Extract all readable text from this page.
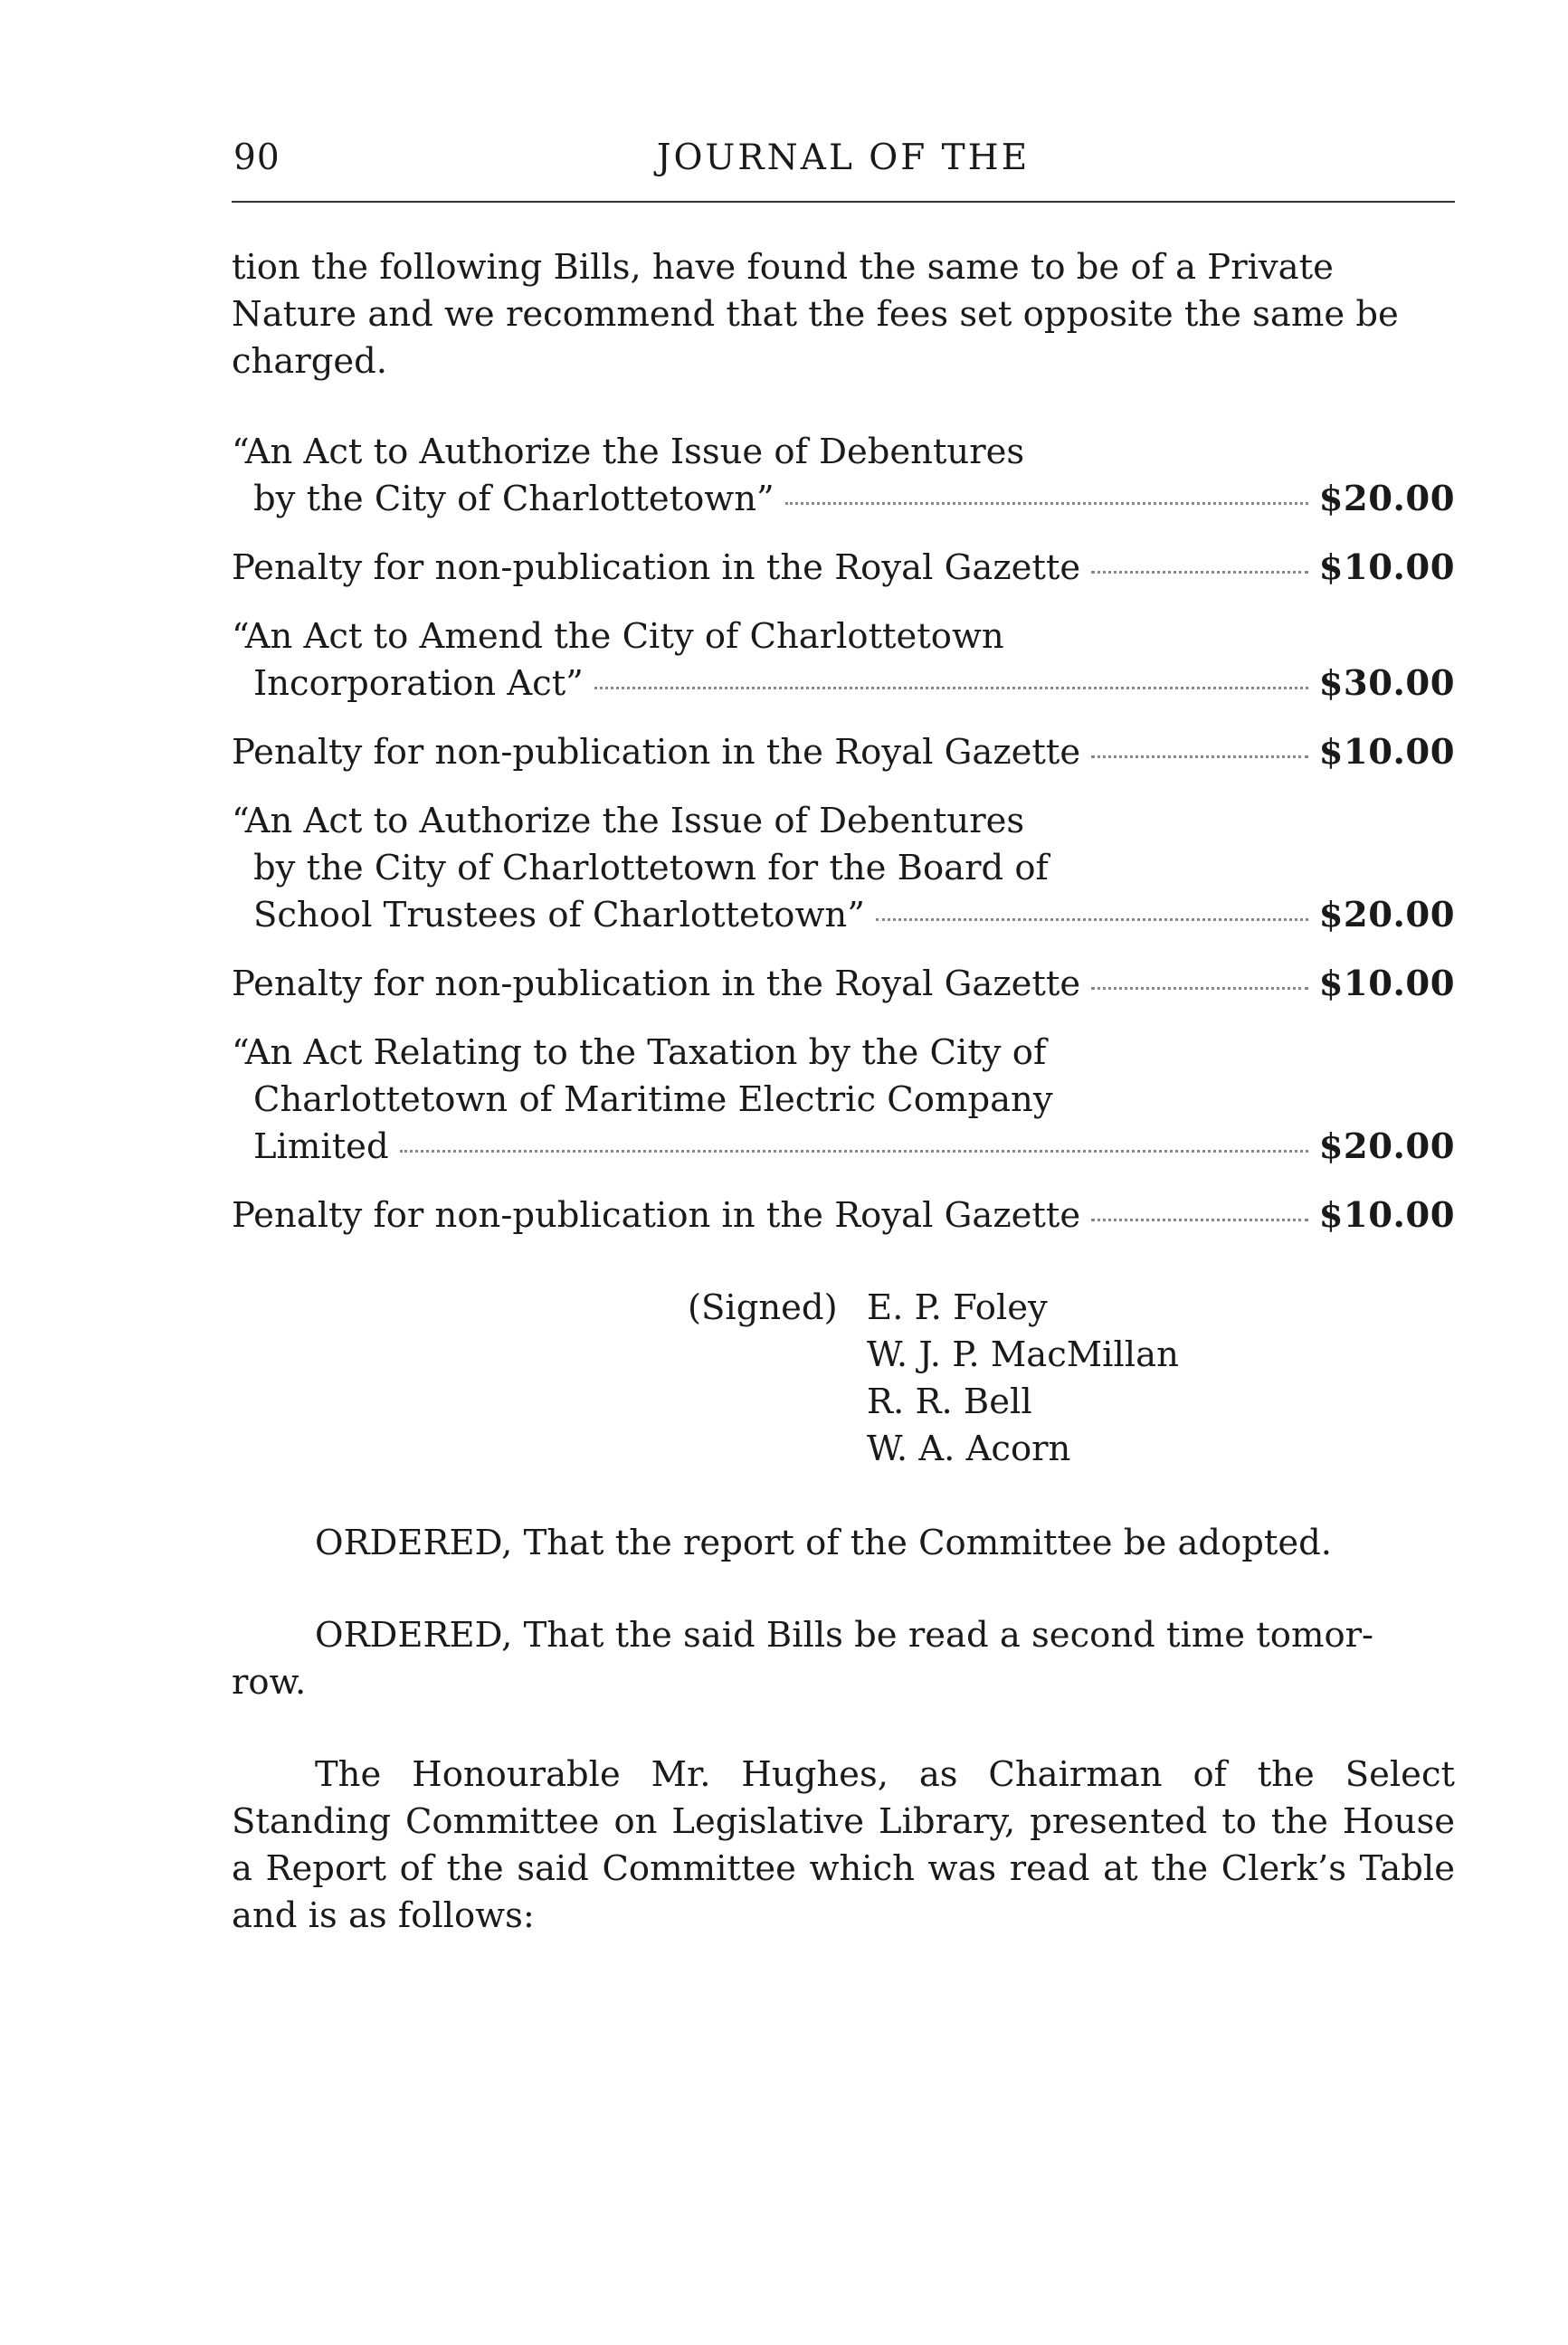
90	JOURNAL OF THE
tion the following Bills, have found the same to be of a Private
Nature and we recommend that the fees set opposite the same be
charged.
“An Act to Authorize the Issue of Debentures
by the City of Charlottetown”	$20.00
Penalty for non-publication in the Royal Gazette	$10.00
“An Act to Amend the City of Charlottetown
Incorporation Act”	$30.00
Penalty for non-publication in the Royal Gazette	$10.00
“An Act to Authorize the Issue of Debentures
by the City of Charlottetown for the Board of
School Trustees of Charlottetown”	$20.00
Penalty for non-publication in the Royal Gazette	$10.00
“An Act Relating to the Taxation by the City of
Charlottetown of Maritime Electric Company
Limited	$20.00
Penalty for non-publication in the Royal Gazette	$10.00
(Signed) E. P. Foley
W. J. P. MacMillan
R. R. Bell
W. A. Acorn
ORDERED, That the report of the Committee be adopted.
ORDERED, That the said Bills be read a second time tomor-
row.

The Honourable Mr. Hughes, as Chairman of the Select Standing Committee on Legislative Library, presented to the House a Report of the said Committee which was read at the Clerk’s Table and is as follows:
